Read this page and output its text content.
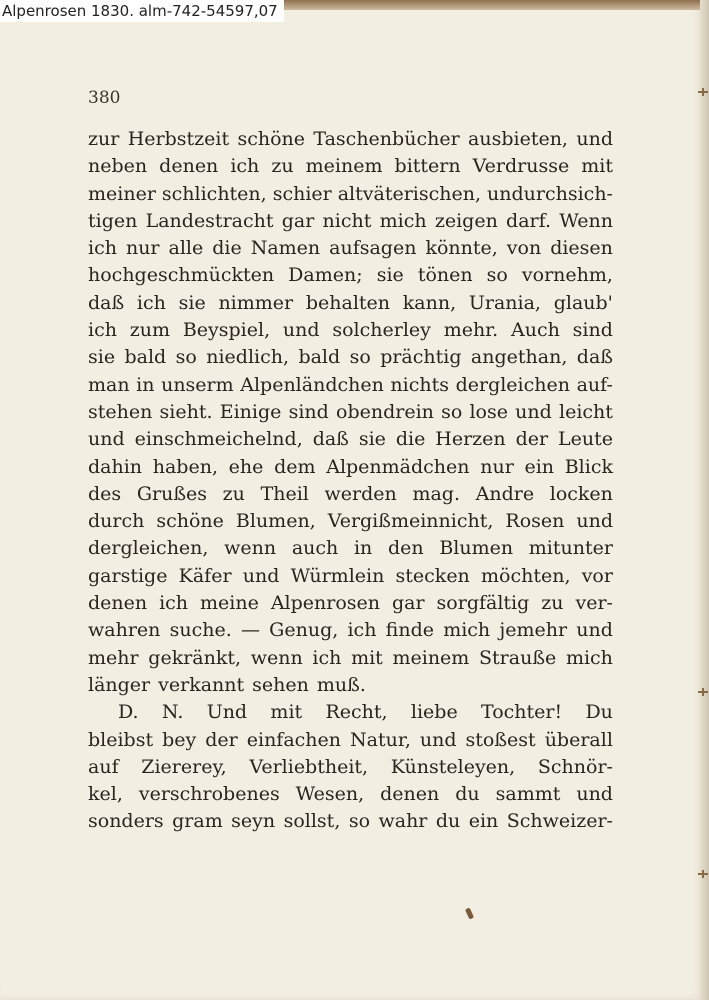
Alpenrosen 1830. alm-742-54597,07
380
zur Herbstzeit schöne Taschenbücher ausbieten, und
neben denen ich zu meinem bittern Verdrusse mit
meiner schlichten, schier altväterischen, undurchsich-
tigen Landestracht gar nicht mich zeigen darf. Wenn
ich nur alle die Namen aufsagen könnte, von diesen
hochgeschmückten Damen; sie tönen so vornehm,
daß ich sie nimmer behalten kann, Urania, glaub'
ich zum Beyspiel, und solcherley mehr. Auch sind
sie bald so niedlich, bald so prächtig angethan, daß
man in unserm Alpenländchen nichts dergleichen auf-
stehen sieht. Einige sind obendrein so lose und leicht
und einschmeichelnd, daß sie die Herzen der Leute
dahin haben, ehe dem Alpenmädchen nur ein Blick
des Grußes zu Theil werden mag. Andre locken
durch schöne Blumen, Vergißmeinnicht, Rosen und
dergleichen, wenn auch in den Blumen mitunter
garstige Käfer und Würmlein stecken möchten, vor
denen ich meine Alpenrosen gar sorgfältig zu ver-
wahren suche. — Genug, ich finde mich jemehr und
mehr gekränkt, wenn ich mit meinem Strauße mich
länger verkannt sehen muß.
D. N. Und mit Recht, liebe Tochter! Du
bleibst bey der einfachen Natur, und stoßest überall
auf Ziererey, Verliebtheit, Künsteleyen, Schnör-
kel, verschrobenes Wesen, denen du sammt und
sonders gram seyn sollst, so wahr du ein Schweizer-
